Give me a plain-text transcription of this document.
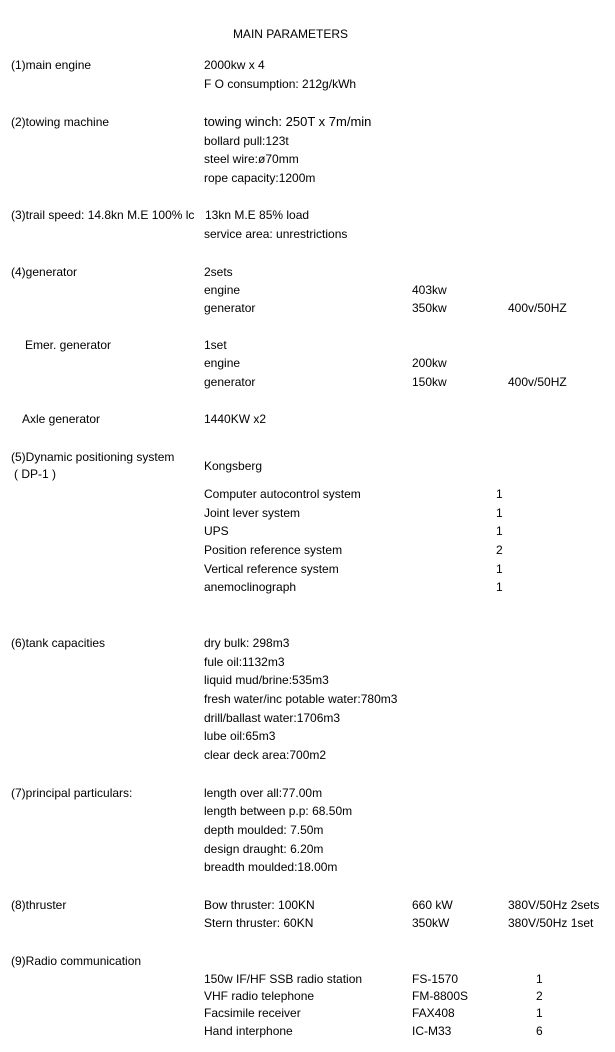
MAIN PARAMETERS
(1)main engine	2000kw x 4
F O consumption: 212g/kWh
(2)towing machine	towing winch: 250T x 7m/min
bollard pull:123t
steel wire:ø70mm
rope capacity:1200m
(3)trail speed: 14.8kn M.E 100% lc 13kn M.E 85% load
service area: unrestrictions
(4)generator	2sets
engine	403kw
generator	350kw	400v/50HZ
Emer. generator	1set
engine	200kw
generator	150kw	400v/50HZ
Axle generator	1440KW x2
(5)Dynamic positioning system
( DP-1 )
Kongsberg
Computer autocontrol system	1
Joint lever system	1
UPS	1
Position reference system	2
Vertical reference system	1
anemoclinograph	1
(6)tank capacities	dry bulk: 298m3
fule oil:1132m3
liquid mud/brine:535m3
fresh water/inc potable water:780m3
drill/ballast water:1706m3
lube oil:65m3
clear deck area:700m2
(7)principal particulars:	length over all:77.00m
length between p.p: 68.50m
depth moulded: 7.50m
design draught: 6.20m
breadth moulded:18.00m
(8)thruster	Bow thruster: 100KN	660 kW	380V/50Hz 2sets
Stern thruster: 60KN	350kW	380V/50Hz 1set
(9)Radio communication
150w IF/HF SSB radio station	FS-1570	1
VHF radio telephone	FM-8800S	2
Facsimile receiver	FAX408	1
Hand interphone	IC-M33	6
